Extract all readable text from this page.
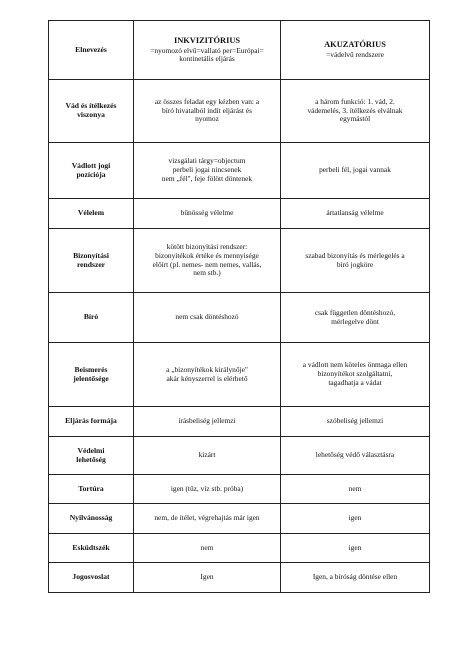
Elnevezés	INKVIZITÓRIUS
=nyomozó elvű=vallató per=Európai=
kontinetális eljárás	AKUZATÓRIUS
=vádelvű rendszere

Vád és ítélkezés
viszonya	az összes feladat egy kézben van: a
bíró hivatalból indít eljárást és
nyomoz	a három funkció: 1. vád, 2.
vádemelés, 3. ítélkezés elválnak
egymástól
Vádlott jogi
pozíciója	vizsgálati tárgy=objectum
perbeli jogai nincsenek
nem „fél", feje fölött döntenek	perbeli fél, jogai vannak
Vélelem	bűnösség vélelme	ártatlanság vélelme
Bizonyítási
rendszer	kötött bizonyítási rendszer:
bizonyítékok értéke és mennyisége
előírt (pl. nemes- nem nemes, vallás,
nem stb.)	szabad bizonyítás és mérlegelés a
bíró jogköre
Bíró	nem csak döntéshozó	csak független döntéshozó,
mérlegelve dönt
Beismerés
jelentősége	a „bizonyítékok királynője"
akár kényszerrel is elérhető	a vádlott nem köteles önmaga ellen
bizonyítékot szolgáltatni,
tagadhatja a vádat
Eljárás formája	írásbeliség jellemzi	szóbeliség jellemzi
Védelmi
lehetőség	kizárt	lehetőség védő választásra
Tortúra	igen (tűz, víz stb. próba)	nem
Nyilvánosság	nem, de ítélet, végrehajtás már igen	igen
Esküdtszék	nem	igen
Jogosvoslat	Igen	Igen, a bíróság döntése ellen
